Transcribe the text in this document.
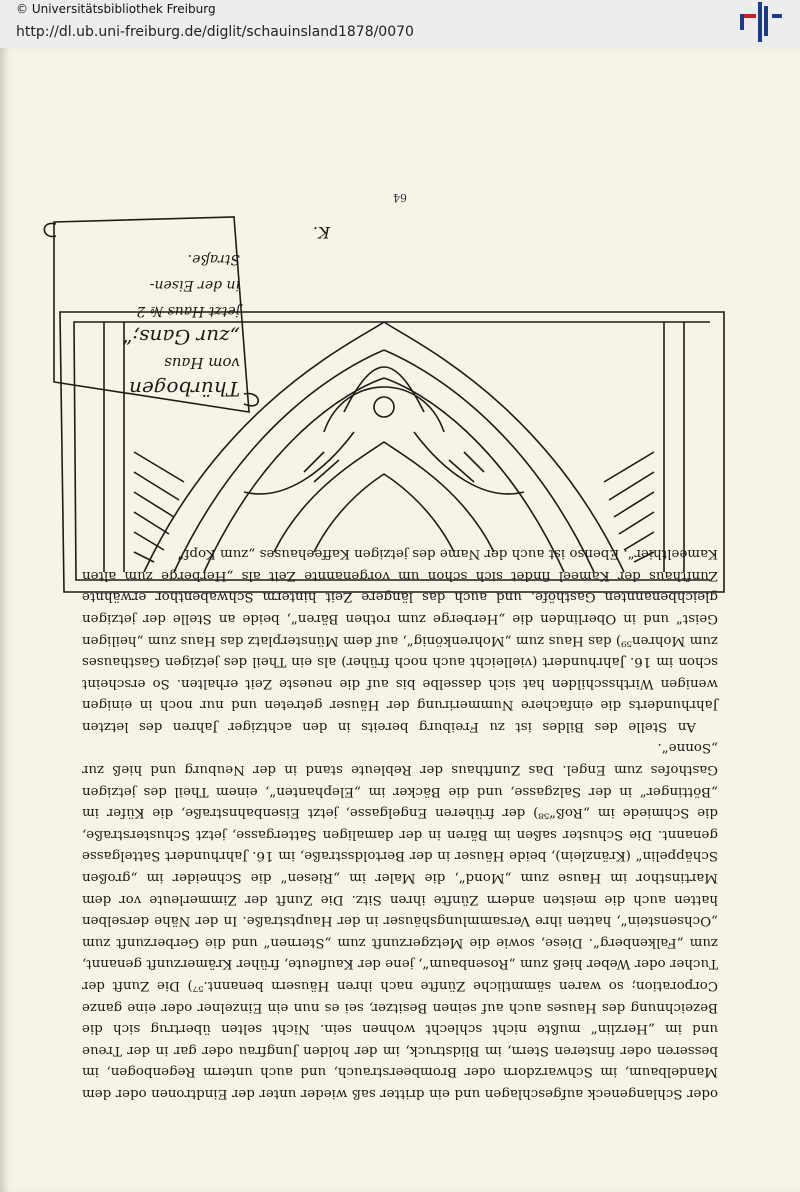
© Universitätsbibliothek Freiburg
http://dl.ub.uni-freiburg.de/diglit/schauinsland1878/0070

oder Schlangeneck aufgeschlagen und ein dritter saß wieder unter der Eindtronen oder dem Mandelbaum, im Schwarzdorn oder Brombeerstrauch, und auch unterm Regenbogen, im besseren oder finsteren Stern, im Blidstruck, im der holden Jungfrau oder gar in der Treue und im „Herzlin“ mußte nicht schlecht wohnen sein. Nicht selten übertrug sich die Bezeichnung des Hauses auch auf seinen Besitzer, sei es nun ein Einzelner oder eine ganze Corporation; so waren sämmtliche Zünfte nach ihren Häusern benannt.⁵⁷) Die Zunft der Tucher oder Weber hieß zum „Rosenbaum“, jene der Kaufleute, früher Krämerzunft genannt, zum „Falkenberg“. Diese, sowie die Metzgerzunft zum „Sternen“ und die Gerberzunft zum „Ochsenstein“, hatten ihre Versammlungshäuser in der Hauptstraße. In der Nähe derselben hatten auch die meisten andern Zünfte ihren Sitz. Die Zunft der Zimmerleute vor dem Martinsthor im Hause zum „Mond“, die Maler im „Riesen“ die Schneider im „großen Schäppelin“ (Kränzlein), beide Häuser in der Bertoldsstraße, im 16. Jahrhundert Sattelgasse genannt. Die Schuster saßen im Bären in der damaligen Sattergasse, jetzt Schusterstraße, die Schmiede im „Roß“⁵⁸) der früheren Engelgasse, jetzt Eisenbahnstraße, die Küfer im „Böttinger“ in der Salzgasse, und die Bäcker im „Elephanten“, einem Theil des jetzigen Gasthofes zum Engel. Das Zunfthaus der Rebleute stand in der Neuburg und hieß zur „Sonne“.

An Stelle des Bildes ist zu Freiburg bereits in den achtziger Jahren des letzten Jahrhunderts die einfachere Nummerirung der Häuser getreten und nur noch in einigen wenigen Wirthsschilden hat sich dasselbe bis auf die neueste Zeit erhalten. So erscheint schon im 16. Jahrhundert (vielleicht auch noch früher) als ein Theil des jetzigen Gasthauses zum Mohren⁵⁹) das Haus zum „Mohrenkönig“, auf dem Münsterplatz das Haus zum „heiligen Geist“ und in Oberlinden die „Herberge zum rothen Bären“, beide an Stelle der jetzigen gleichbenannten Gasthöfe, und auch das längere Zeit hinterm Schwabenthor erwähnte Zunfthaus der Kameel findet sich schon um vorgenannte Zeit als „Herberge zum alten Kameelthier“. Ebenso ist auch der Name des jetzigen Kaffeehauses „zum Kopf“

Thürbogen
vom Haus
„zur Gans;“
jetzt Haus № 2
in der Eisen-
Straße.
K.
64
